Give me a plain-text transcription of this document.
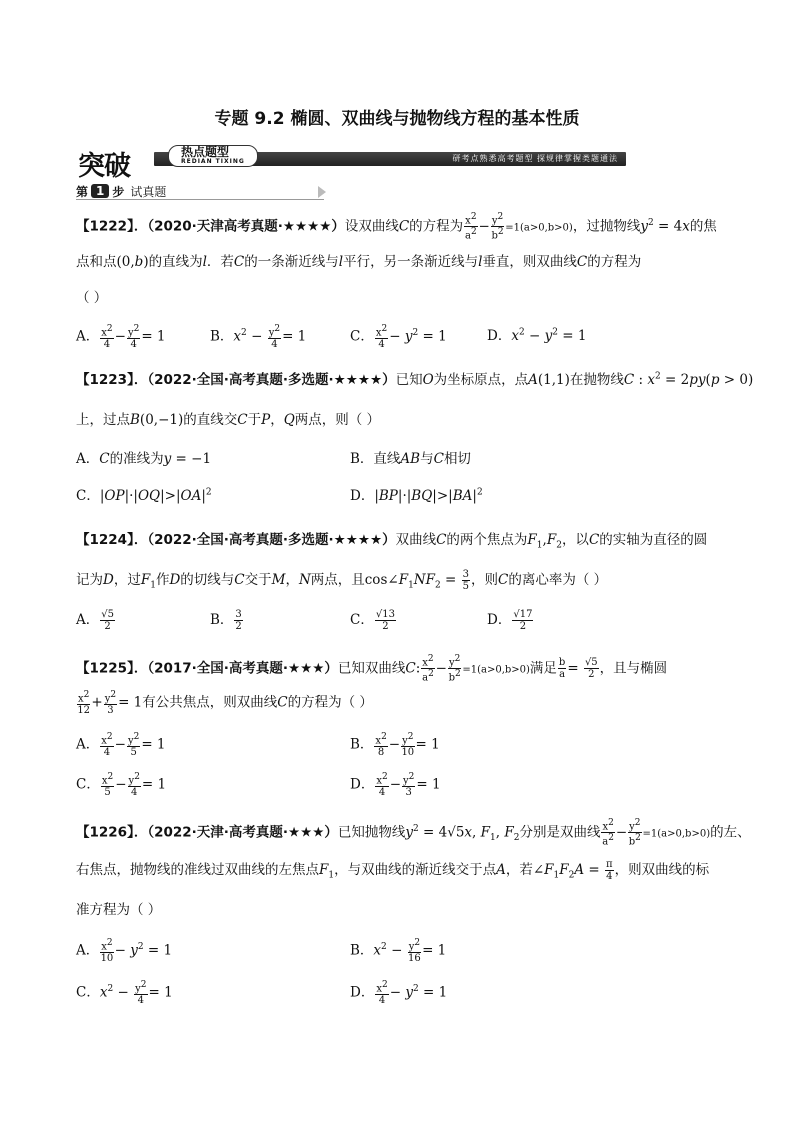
专题 9.2 椭圆、双曲线与抛物线方程的基本性质
突破	热点题型
REDIAN TIXING	研考点熟悉高考题型 探规律掌握类题通法
第 1 步 试真题
【1222】．（2020·天津高考真题·★★★★）设双曲线C的方程为 $\frac{x^2}{a^2} - \frac{y^2}{b^2} =1(a>0,b>0)$，过抛物线$y^2 = 4x$的焦
点和点(0,b)的直线为l．若C的一条渐近线与l平行，另一条渐近线与l垂直，则双曲线C的方程为
（ ）
A． $\frac{x^2}{4} - \frac{y^2}{4} = 1$	B．$x^2 - \frac{y^2}{4} = 1$	C． $\frac{x^2}{4} - y^2 = 1$	D．$x^2 - y^2 = 1$
【1223】．（2022·全国·高考真题·多选题·★★★★）已知O为坐标原点，点A(1,1)在抛物线C : $x^2 = 2py(p > 0)$
上，过点B(0,−1)的直线交C于P，Q两点，则（ ）
A．C的准线为y = −1	B．直线AB与C相切
C．$|OP|\cdot|OQ|>|OA|^2$	D．$|BP|\cdot|BQ|>|BA|^2$
【1224】．（2022·全国·高考真题·多选题·★★★★）双曲线C的两个焦点为$F_1,F_2$，以C的实轴为直径的圆
记为D，过$F_1$作D的切线与C交于M，N两点，且$\cos\angle F_1NF_2 = \frac{3}{5}$ ，则C的离心率为（ ）
A． $\frac{√5}{2}$	B． $\frac{3}{2}$	C． $\frac{√13}{2}$	D． $\frac{√17}{2}$
【1225】．（2017·全国·高考真题·★★★）已知双曲线C: $\frac{x^2}{a^2} - \frac{y^2}{b^2} =1(a>0,b>0)$满足 $\frac{b}{a} = \frac{√5}{2}$ ，且与椭圆
$\frac{x^2}{12} + \frac{y^2}{3} = 1$有公共焦点，则双曲线C的方程为（ ）
A． $\frac{x^2}{4} - \frac{y^2}{5} = 1$	B． $\frac{x^2}{8} - \frac{y^2}{10} = 1$
C． $\frac{x^2}{5} - \frac{y^2}{4} = 1$	D． $\frac{x^2}{4} - \frac{y^2}{3} = 1$
【1226】．（2022·天津·高考真题·★★★）已知抛物线$y^2 = 4√5x$, $F_1$, $F_2$分别是双曲线 $\frac{x^2}{a^2} - \frac{y^2}{b^2} =1(a>0,b>0)$的左、
右焦点，抛物线的准线过双曲线的左焦点$F_1$，与双曲线的渐近线交于点A，若$\angle F_1F_2A = \frac{\pi}{4}$ ，则双曲线的标
准方程为（ ）
A． $\frac{x^2}{10} - y^2 = 1$	B．$x^2 - \frac{y^2}{16} = 1$
C．$x^2 - \frac{y^2}{4} = 1$	D． $\frac{x^2}{4} - y^2 = 1$
